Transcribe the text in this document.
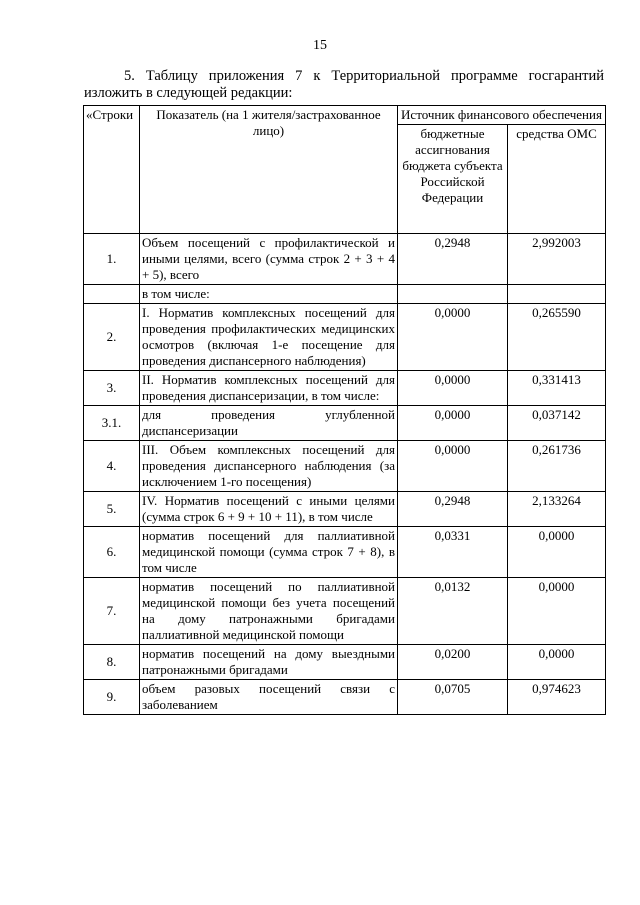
15
5. Таблицу приложения 7 к Территориальной программе госгарантий изложить в следующей редакции:
«Строки	Показатель (на 1 жителя/застрахованное лицо)	Источник финансового обеспечения	
		бюджетные ассигнования бюджета субъекта Российской Федерации	средства ОМС
1.	Объем посещений с профилактической и иными целями, всего (сумма строк 2 + 3 + 4 + 5), всего	0,2948	2,992003
	в том числе:		
2.	I. Норматив комплексных посещений для проведения профилактических медицинских осмотров (включая 1-е посещение для проведения диспансерного наблюдения)	0,0000	0,265590
3.	II. Норматив комплексных посещений для проведения диспансеризации, в том числе:	0,0000	0,331413
3.1.	для проведения углубленной диспансеризации	0,0000	0,037142
4.	III. Объем комплексных посещений для проведения диспансерного наблюдения (за исключением 1-го посещения)	0,0000	0,261736
5.	IV. Норматив посещений с иными целями (сумма строк 6 + 9 + 10 + 11), в том числе	0,2948	2,133264
6.	норматив посещений для паллиативной медицинской помощи (сумма строк 7 + 8), в том числе	0,0331	0,0000
7.	норматив посещений по паллиативной медицинской помощи без учета посещений на дому патронажными бригадами паллиативной медицинской помощи	0,0132	0,0000
8.	норматив посещений на дому выездными патронажными бригадами	0,0200	0,0000
9.	объем разовых посещений связи с заболеванием	0,0705	0,974623
